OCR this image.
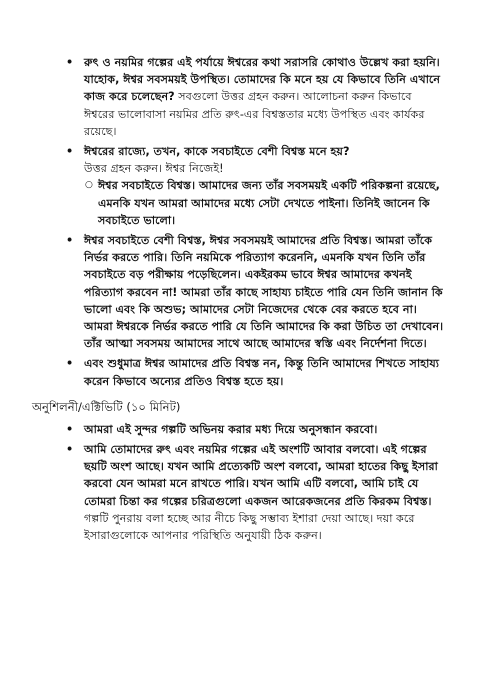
• রুৎ ও নয়মির গল্পের এই পর্যায়ে ঈশ্বরের কথা সরাসরি কোথাও উল্লেখ করা হয়নি। যাহোক, ঈশ্বর সবসময়ই উপস্থিত। তোমাদের কি মনে হয় যে কিভাবে তিনি এখানে কাজ করে চলেছেন? সবগুলো উত্তর গ্রহন করুন। আলোচনা করুন কিভাবে ঈশ্বরের ভালোবাসা নয়মির প্রতি রুৎ-এর বিশ্বস্ততার মধ্যে উপস্থিত এবং কার্যকর রয়েছে।
• ঈশ্বরের রাজ্যে, তখন, কাকে সবচাইতে বেশী বিশ্বস্ত মনে হয়?
উত্তর গ্রহন করুন। ঈশ্বর নিজেই!
○ ঈশ্বর সবচাইতে বিশ্বস্ত। আমাদের জন্য তাঁর সবসময়ই একটি পরিকল্পনা রয়েছে, এমনকি যখন আমরা আমাদের মধ্যে সেটা দেখতে পাইনা। তিনিই জানেন কি সবচাইতে ভালো।
• ঈশ্বর সবচাইতে বেশী বিশ্বস্ত, ঈশ্বর সবসময়ই আমাদের প্রতি বিশ্বস্ত। আমরা তাঁকে নির্ভর করতে পারি। তিনি নয়মিকে পরিত্যাগ করেননি, এমনকি যখন তিনি তাঁর সবচাইতে বড় পরীক্ষায় পড়েছিলেন। একইরকম ভাবে ঈশ্বর আমাদের কখনই পরিত্যাগ করবেন না! আমরা তাঁর কাছে সাহায্য চাইতে পারি যেন তিনি জানান কি ভালো এবং কি অশুভ; আমাদের সেটা নিজেদের থেকে বের করতে হবে না। আমরা ঈশ্বরকে নির্ভর করতে পারি যে তিনি আমাদের কি করা উচিত তা দেখাবেন। তাঁর আত্মা সবসময় আমাদের সাথে আছে আমাদের স্বস্তি এবং নির্দেশনা দিতে।
• এবং শুধুমাত্র ঈশ্বর আমাদের প্রতি বিশ্বস্ত নন, কিন্তু তিনি আমাদের শিখতে সাহায্য করেন কিভাবে অন্যের প্রতিও বিশ্বস্ত হতে হয়।
অনুশিলনী/এক্টিভিটি (১০ মিনিট)
• আমরা এই সুন্দর গল্পটি অভিনয় করার মধ্য দিয়ে অনুসন্ধান করবো।
• আমি তোমাদের রুৎ এবং নয়মির গল্পের এই অংশটি আবার বলবো। এই গল্পের ছয়টি অংশ আছে। যখন আমি প্রত্যেকটি অংশ বলবো, আমরা হাতের কিছু ইসারা করবো যেন আমরা মনে রাখতে পারি। যখন আমি এটি বলবো, আমি চাই যে তোমরা চিন্তা কর গল্পের চরিত্রগুলো একজন আরেকজনের প্রতি কিরকম বিশ্বস্ত। গল্পটি পুনরায় বলা হচ্ছে আর নীচে কিছু সম্ভাব্য ইশারা দেয়া আছে। দয়া করে ইসারাগুলোকে আপনার পরিস্থিতি অনুযায়ী ঠিক করুন।
